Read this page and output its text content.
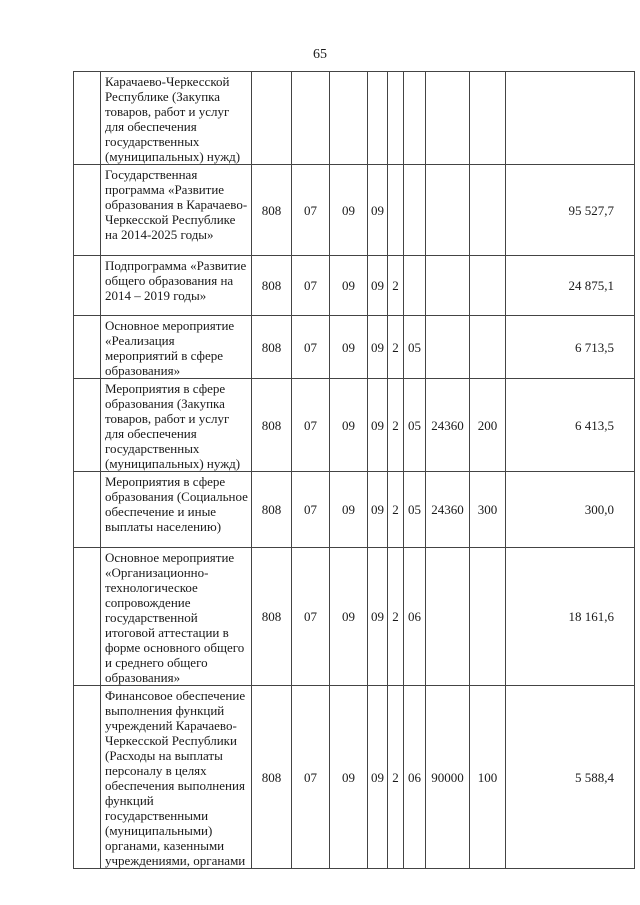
65
	Карачаево-Черкесской Республике (Закупка товаров, работ и услуг для обеспечения государственных (муниципальных) нужд)									
	Государственная программа «Развитие образования в Карачаево-Черкесской Республике на 2014-2025 годы»	808	07	09	09					95 527,7
	Подпрограмма «Развитие общего образования на 2014 – 2019 годы»	808	07	09	09	2				24 875,1
	Основное мероприятие «Реализация мероприятий в сфере образования»	808	07	09	09	2	05			6 713,5
	Мероприятия в сфере образования (Закупка товаров, работ и услуг для обеспечения государственных (муниципальных) нужд)	808	07	09	09	2	05	24360	200	6 413,5
	Мероприятия в сфере образования (Социальное обеспечение и иные выплаты населению)	808	07	09	09	2	05	24360	300	300,0
	Основное мероприятие «Организационно-технологическое сопровождение государственной итоговой аттестации в форме основного общего и среднего общего образования»	808	07	09	09	2	06			18 161,6
	Финансовое обеспечение выполнения функций учреждений Карачаево-Черкесской Республики (Расходы на выплаты персоналу в целях обеспечения выполнения функций государственными (муниципальными) органами, казенными учреждениями, органами	808	07	09	09	2	06	90000	100	5 588,4
